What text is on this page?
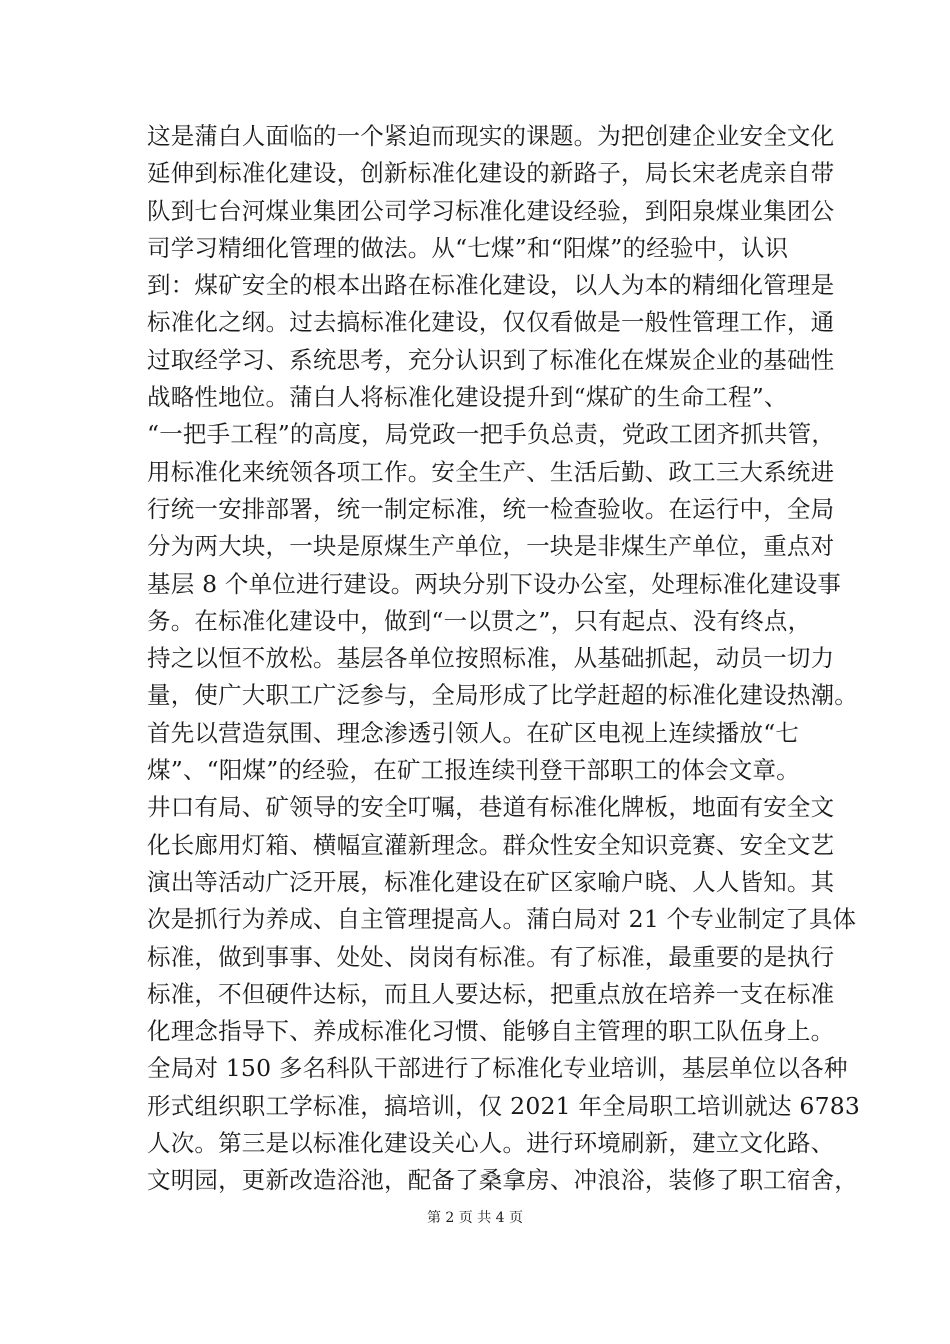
这是蒲白人面临的一个紧迫而现实的课题。为把创建企业安全文化
延伸到标准化建设，创新标准化建设的新路子，局长宋老虎亲自带
队到七台河煤业集团公司学习标准化建设经验，到阳泉煤业集团公
司学习精细化管理的做法。从“七煤”和“阳煤”的经验中，认识
到：煤矿安全的根本出路在标准化建设，以人为本的精细化管理是
标准化之纲。过去搞标准化建设，仅仅看做是一般性管理工作，通
过取经学习、系统思考，充分认识到了标准化在煤炭企业的基础性
战略性地位。蒲白人将标准化建设提升到“煤矿的生命工程”、
“一把手工程”的高度，局党政一把手负总责，党政工团齐抓共管，
用标准化来统领各项工作。安全生产、生活后勤、政工三大系统进
行统一安排部署，统一制定标准，统一检查验收。在运行中，全局
分为两大块，一块是原煤生产单位，一块是非煤生产单位，重点对
基层 8 个单位进行建设。两块分别下设办公室，处理标准化建设事
务。在标准化建设中，做到“一以贯之”，只有起点、没有终点，
持之以恒不放松。基层各单位按照标准，从基础抓起，动员一切力
量，使广大职工广泛参与，全局形成了比学赶超的标准化建设热潮。
首先以营造氛围、理念渗透引领人。在矿区电视上连续播放“七
煤”、“阳煤”的经验，在矿工报连续刊登干部职工的体会文章。
井口有局、矿领导的安全叮嘱，巷道有标准化牌板，地面有安全文
化长廊用灯箱、横幅宣灌新理念。群众性安全知识竞赛、安全文艺
演出等活动广泛开展，标准化建设在矿区家喻户晓、人人皆知。其
次是抓行为养成、自主管理提高人。蒲白局对 21 个专业制定了具体
标准，做到事事、处处、岗岗有标准。有了标准，最重要的是执行
标准，不但硬件达标，而且人要达标，把重点放在培养一支在标准
化理念指导下、养成标准化习惯、能够自主管理的职工队伍身上。
全局对 150 多名科队干部进行了标准化专业培训，基层单位以各种
形式组织职工学标准，搞培训，仅 2021 年全局职工培训就达 6783
人次。第三是以标准化建设关心人。进行环境刷新，建立文化路、
文明园，更新改造浴池，配备了桑拿房、冲浪浴，装修了职工宿舍，
第 2 页 共 4 页
